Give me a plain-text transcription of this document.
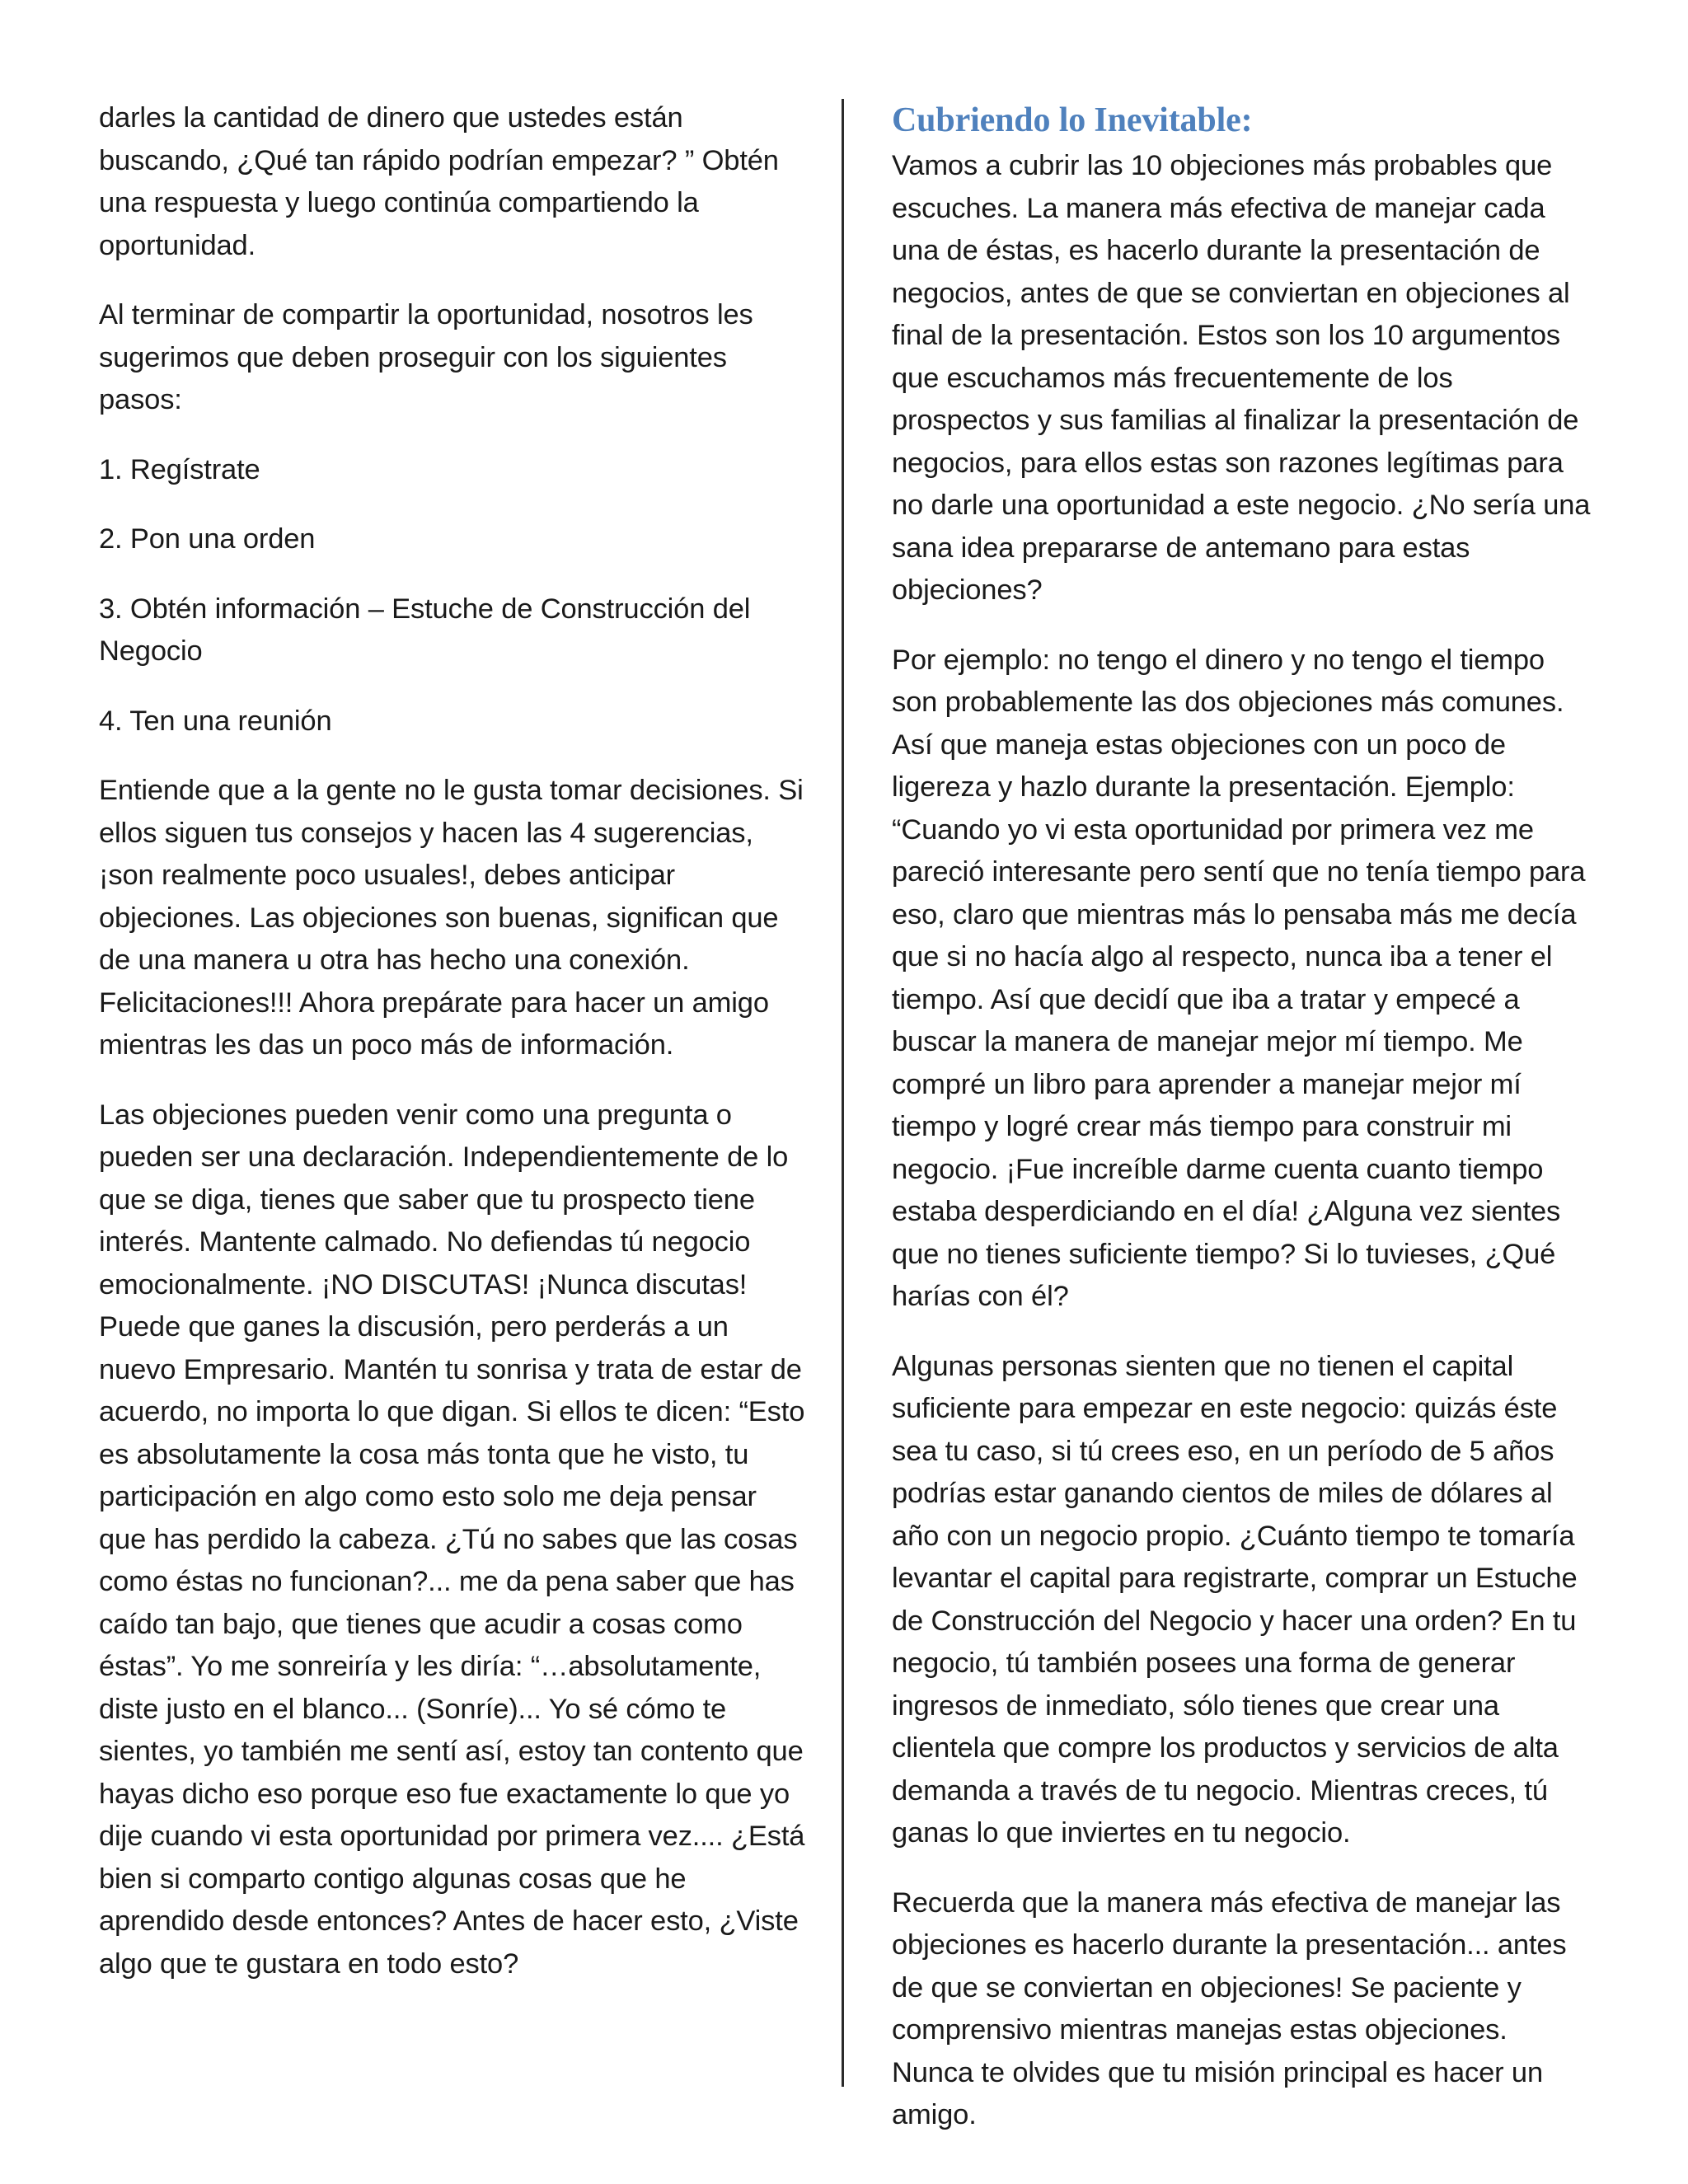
darles la cantidad de dinero que ustedes están buscando, ¿Qué tan rápido podrían empezar? ” Obtén una respuesta y luego continúa compartiendo la oportunidad.

Al terminar de compartir la oportunidad, nosotros les sugerimos que deben proseguir con los siguientes pasos:

1. Regístrate

2. Pon una orden

3. Obtén información – Estuche de Construcción del Negocio

4. Ten una reunión

Entiende que a la gente no le gusta tomar decisiones. Si ellos siguen tus consejos y hacen las 4 sugerencias, ¡son realmente poco usuales!, debes anticipar objeciones. Las objeciones son buenas, significan que de una manera u otra has hecho una conexión. Felicitaciones!!! Ahora prepárate para hacer un amigo mientras les das un poco más de información.

Las objeciones pueden venir como una pregunta o pueden ser una declaración. Independientemente de lo que se diga, tienes que saber que tu prospecto tiene interés. Mantente calmado. No defiendas tú negocio emocionalmente. ¡NO DISCUTAS! ¡Nunca discutas! Puede que ganes la discusión, pero perderás a un nuevo Empresario. Mantén tu sonrisa y trata de estar de acuerdo, no importa lo que digan. Si ellos te dicen: “Esto es absolutamente la cosa más tonta que he visto, tu participación en algo como esto solo me deja pensar que has perdido la cabeza. ¿Tú no sabes que las cosas como éstas no funcionan?... me da pena saber que has caído tan bajo, que tienes que acudir a cosas como éstas”. Yo me sonreiría y les diría: “…absolutamente, diste justo en el blanco... (Sonríe)... Yo sé cómo te sientes, yo también me sentí así, estoy tan contento que hayas dicho eso porque eso fue exactamente lo que yo dije cuando vi esta oportunidad por primera vez.... ¿Está bien si comparto contigo algunas cosas que he aprendido desde entonces? Antes de hacer esto, ¿Viste algo que te gustara en todo esto?

Cubriendo lo Inevitable:

Vamos a cubrir las 10 objeciones más probables que escuches. La manera más efectiva de manejar cada una de éstas, es hacerlo durante la presentación de negocios, antes de que se conviertan en objeciones al final de la presentación. Estos son los 10 argumentos que escuchamos más frecuentemente de los prospectos y sus familias al finalizar la presentación de negocios, para ellos estas son razones legítimas para no darle una oportunidad a este negocio. ¿No sería una sana idea prepararse de antemano para estas objeciones?

Por ejemplo: no tengo el dinero y no tengo el tiempo son probablemente las dos objeciones más comunes. Así que maneja estas objeciones con un poco de ligereza y hazlo durante la presentación. Ejemplo: “Cuando yo vi esta oportunidad por primera vez me pareció interesante pero sentí que no tenía tiempo para eso, claro que mientras más lo pensaba más me decía que si no hacía algo al respecto, nunca iba a tener el tiempo. Así que decidí que iba a tratar y empecé a buscar la manera de manejar mejor mí tiempo. Me compré un libro para aprender a manejar mejor mí tiempo y logré crear más tiempo para construir mi negocio. ¡Fue increíble darme cuenta cuanto tiempo estaba desperdiciando en el día! ¿Alguna vez sientes que no tienes suficiente tiempo? Si lo tuvieses, ¿Qué harías con él?

Algunas personas sienten que no tienen el capital suficiente para empezar en este negocio: quizás éste sea tu caso, si tú crees eso, en un período de 5 años podrías estar ganando cientos de miles de dólares al año con un negocio propio. ¿Cuánto tiempo te tomaría levantar el capital para registrarte, comprar un Estuche de Construcción del Negocio y hacer una orden? En tu negocio, tú también posees una forma de generar ingresos de inmediato, sólo tienes que crear una clientela que compre los productos y servicios de alta demanda a través de tu negocio. Mientras creces, tú ganas lo que inviertes en tu negocio.

Recuerda que la manera más efectiva de manejar las objeciones es hacerlo durante la presentación... antes de que se conviertan en objeciones! Se paciente y comprensivo mientras manejas estas objeciones. Nunca te olvides que tu misión principal es hacer un amigo.
